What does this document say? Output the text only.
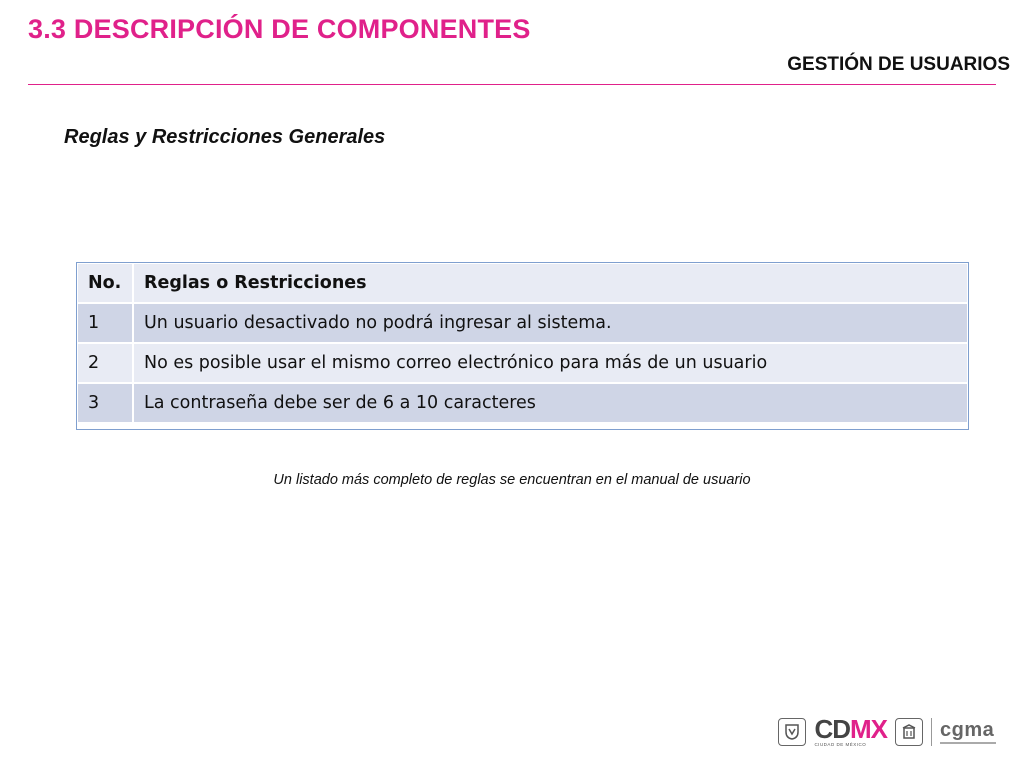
3.3 DESCRIPCIÓN DE COMPONENTES
GESTIÓN DE USUARIOS
Reglas y Restricciones Generales
No.	Reglas o Restricciones
1	Un usuario desactivado no podrá ingresar al sistema.
2	No es posible usar el mismo correo electrónico para más de un usuario
3	La contraseña debe ser de 6 a 10 caracteres
Un listado más completo de reglas se encuentran en el manual de usuario
CDMX
CIUDAD DE MÉXICO
cgma
